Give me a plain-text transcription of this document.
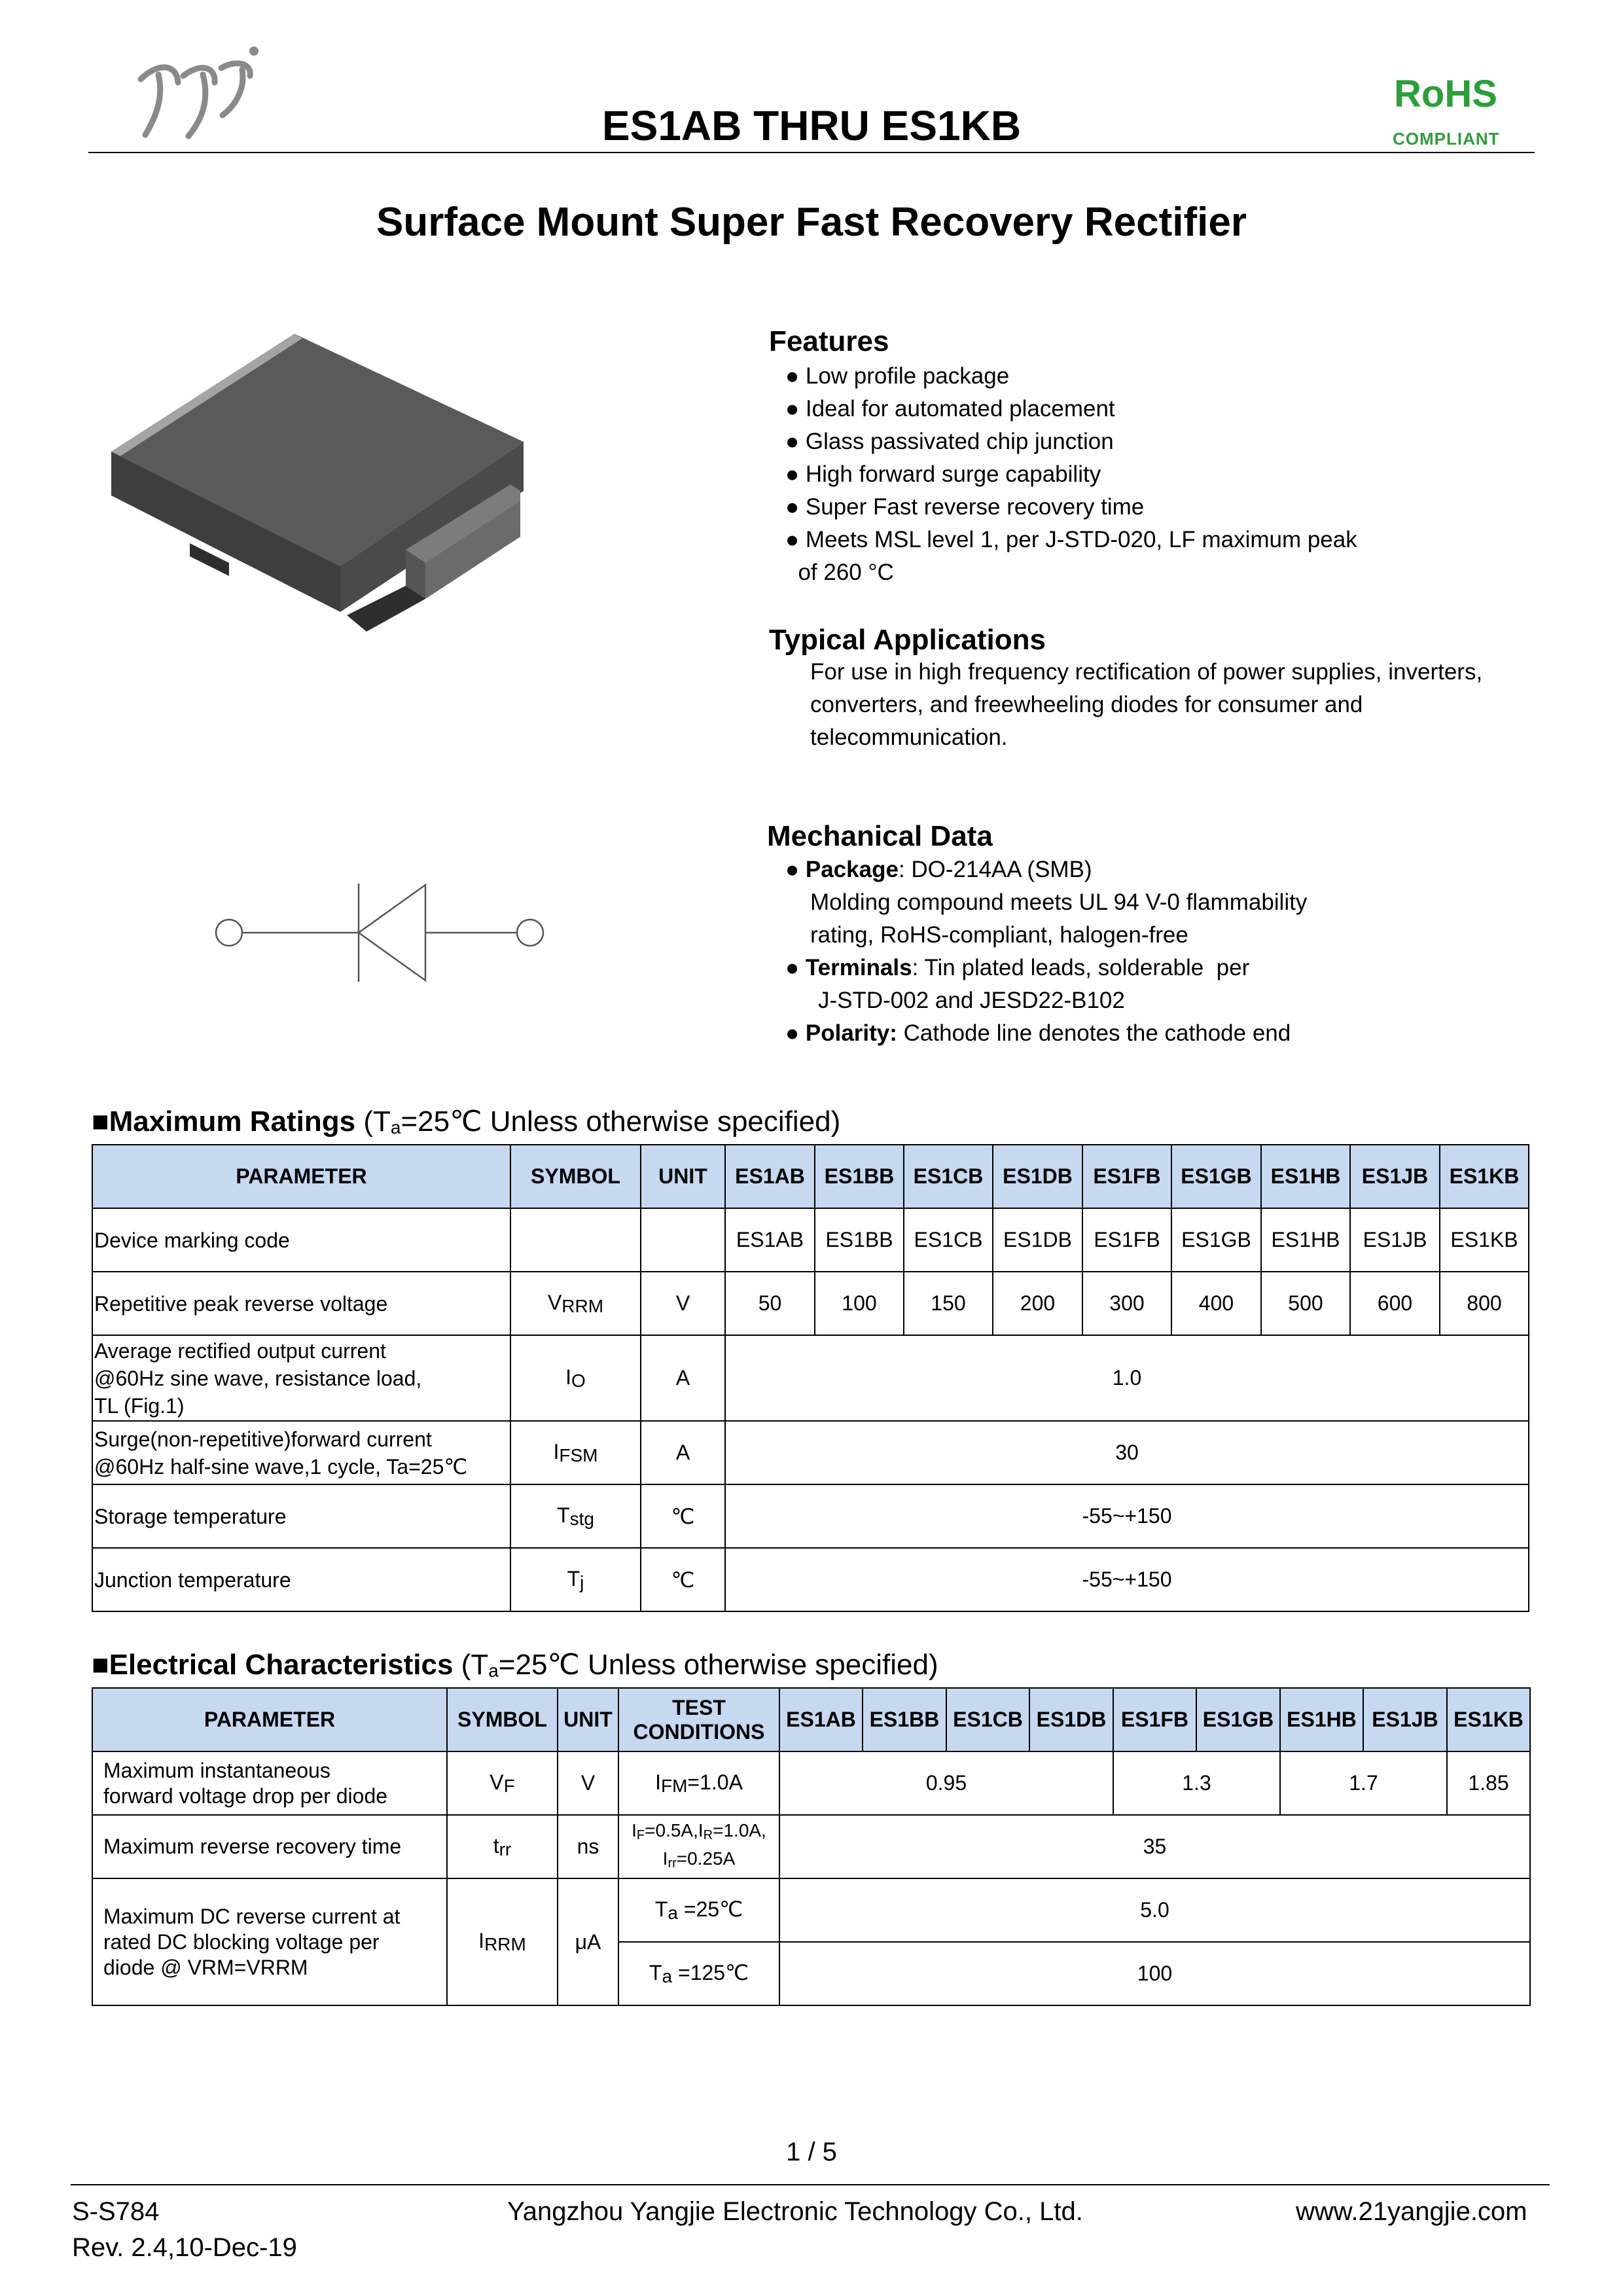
ES1AB THRU ES1KB
RoHS
COMPLIANT
Surface Mount Super Fast Recovery Rectifier
Features
● Low profile package
● Ideal for automated placement
● Glass passivated chip junction
● High forward surge capability
● Super Fast reverse recovery time
● Meets MSL level 1, per J-STD-020, LF maximum peak
of 260 °C
Typical Applications
For use in high frequency rectification of power supplies, inverters, converters, and freewheeling diodes for consumer and telecommunication.
Mechanical Data
● Package: DO-214AA (SMB)
Molding compound meets UL 94 V-0 flammability
rating, RoHS-compliant, halogen-free
● Terminals: Tin plated leads, solderable  per
J-STD-002 and JESD22-B102
● Polarity: Cathode line denotes the cathode end
■Maximum Ratings ($T_a=25℃$ Unless otherwise specified)
PARAMETER	SYMBOL	UNIT	ES1AB	ES1BB	ES1CB	ES1DB	ES1FB	ES1GB	ES1HB	ES1JB	ES1KB
Device marking code			ES1AB	ES1BB	ES1CB	ES1DB	ES1FB	ES1GB	ES1HB	ES1JB	ES1KB
Repetitive peak reverse voltage	$V_{RRM}$	V	50	100	150	200	300	400	500	600	800

Average rectified output current
@60Hz sine wave, resistance load,
TL (Fig.1)	$I_O$	A	1.0								

Surge(non-repetitive)forward current
@60Hz half-sine wave,1 cycle, Ta=25℃	$I_{FSM}$	A	30								
Storage temperature	$T_{stg}$	℃	-55~+150								
Junction temperature	$T_j$	℃	-55~+150								
■Electrical Characteristics ($T_a=25℃$ Unless otherwise specified)
PARAMETER	SYMBOL	UNIT	TEST
CONDITIONS	ES1AB	ES1BB	ES1CB	ES1DB	ES1FB	ES1GB	ES1HB	ES1JB	ES1KB

Maximum instantaneous
forward voltage drop per diode	$V_F$	V	$I_{FM}=1.0A$	0.95				1.3		1.7		1.85
Maximum reverse recovery time	$t_{rr}$	ns	$I_F=0.5A,I_R=1.0A$,
$I_{rr}=0.25A$	35								

Maximum DC reverse current at
rated DC blocking voltage per
diode @ VRM=VRRM	$I_{RRM}$	μA	$T_a$ =25℃	5.0								
			$T_a$ =125℃	100								
1 / 5
S-S784
Rev. 2.4,10-Dec-19
Yangzhou Yangjie Electronic Technology Co., Ltd.	www.21yangjie.com
